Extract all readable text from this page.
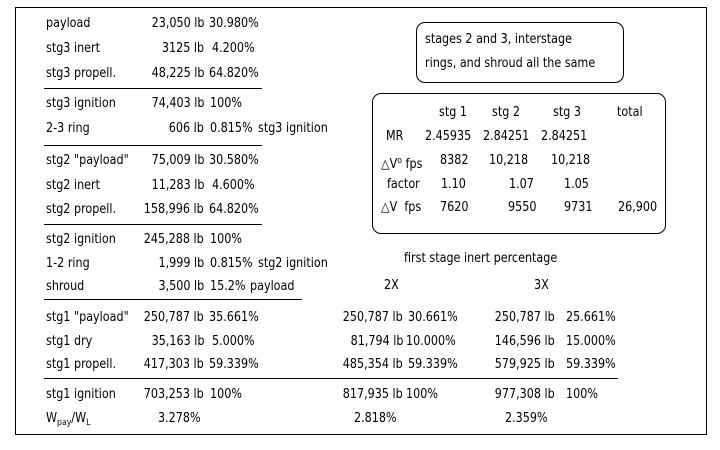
payload	23,050 lb 30.980%
stg3 inert	3125 lb 4.200%
stg3 propell.	48,225 lb 64.820%
stg3 ignition	74,403 lb 100%
2-3 ring	606 lb 0.815% stg3 ignition
stg2 "payload" 75,009 lb 30.580%
stg2 inert	11,283 lb 4.600%
stg2 propell. 158,996 lb 64.820%
stg2 ignition 245,288 lb 100%
1-2 ring	1,999 lb 0.815% stg2 ignition
shroud	3,500 lb 15.2% payload
stages 2 and 3, interstage
rings, and shroud all the same
stg 1 stg 2	stg 3	total
MR 2.45935 2.84251 2.84251
$\triangle V^o$ fps 8382 10,218 10,218
factor 1.10	1.07 1.05
△V fps 7620	9550 9731 26,900
first stage inert percentage
2X	3X
stg1 "payload" 250,787 lb 35.661%	250,787 lb 30.661%	250,787 lb 25.661%
stg1 dry	35,163 lb 5.000%	81,794 lb 10.000%	146,596 lb 15.000%
stg1 propell. 417,303 lb 59.339%	485,354 lb 59.339%	579,925 lb 59.339%
stg1 ignition 703,253 lb 100%	817,935 lb 100%	977,308 lb 100%
$W_{pay}/W_L$	3.278%	2.818%	2.359%
